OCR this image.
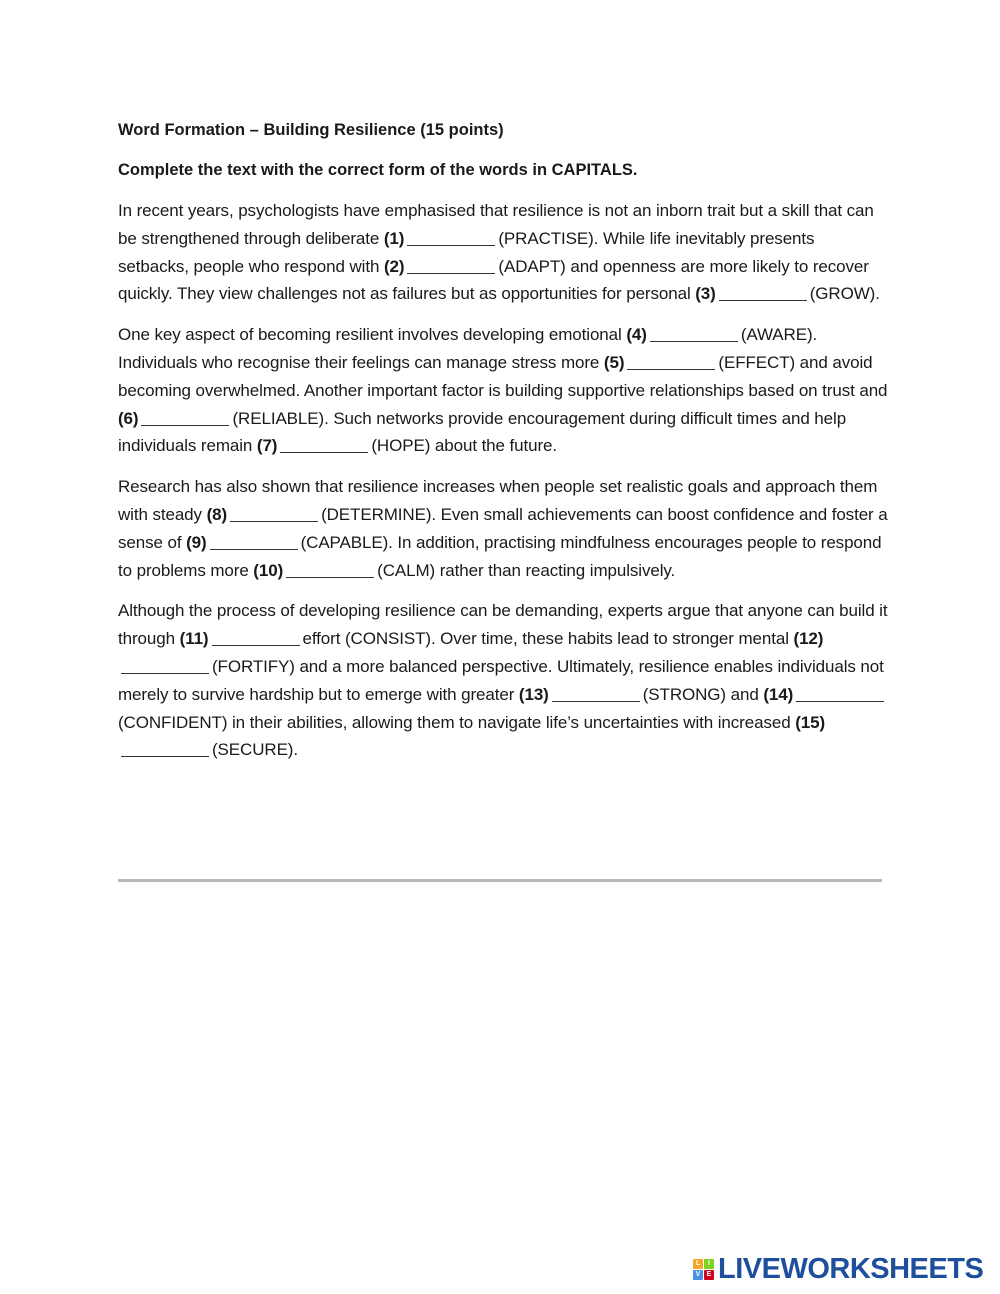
Word Formation – Building Resilience (15 points)
Complete the text with the correct form of the words in CAPITALS.

In recent years, psychologists have emphasised that resilience is not an inborn trait but a skill that can be strengthened through deliberate (1)	(PRACTISE). While life inevitably presents setbacks, people who respond with (2)	(ADAPT) and openness are more likely to recover quickly. They view challenges not as failures but as opportunities for personal (3)	(GROW).

One key aspect of becoming resilient involves developing emotional (4)	(AWARE). Individuals who recognise their feelings can manage stress more (5)	(EFFECT) and avoid becoming overwhelmed. Another important factor is building supportive relationships based on trust and (6)	(RELIABLE). Such networks provide encouragement during difficult times and help individuals remain (7)	(HOPE) about the future.

Research has also shown that resilience increases when people set realistic goals and approach them with steady (8)	(DETERMINE). Even small achievements can boost confidence and foster a sense of (9)	(CAPABLE). In addition, practising mindfulness encourages people to respond to problems more (10)	(CALM) rather than reacting impulsively.

Although the process of developing resilience can be demanding, experts argue that anyone can build it through (11)	effort (CONSIST). Over time, these habits lead to stronger mental (12)(FORTIFY) and a more balanced perspective. Ultimately, resilience enables individuals not merely to survive hardship but to emerge with greater (13)	(STRONG) and (14)(CONFIDENT) in their abilities, allowing them to navigate life’s uncertainties with increased (15)(SECURE).

L	I
V E LIVEWORKSHEETS
